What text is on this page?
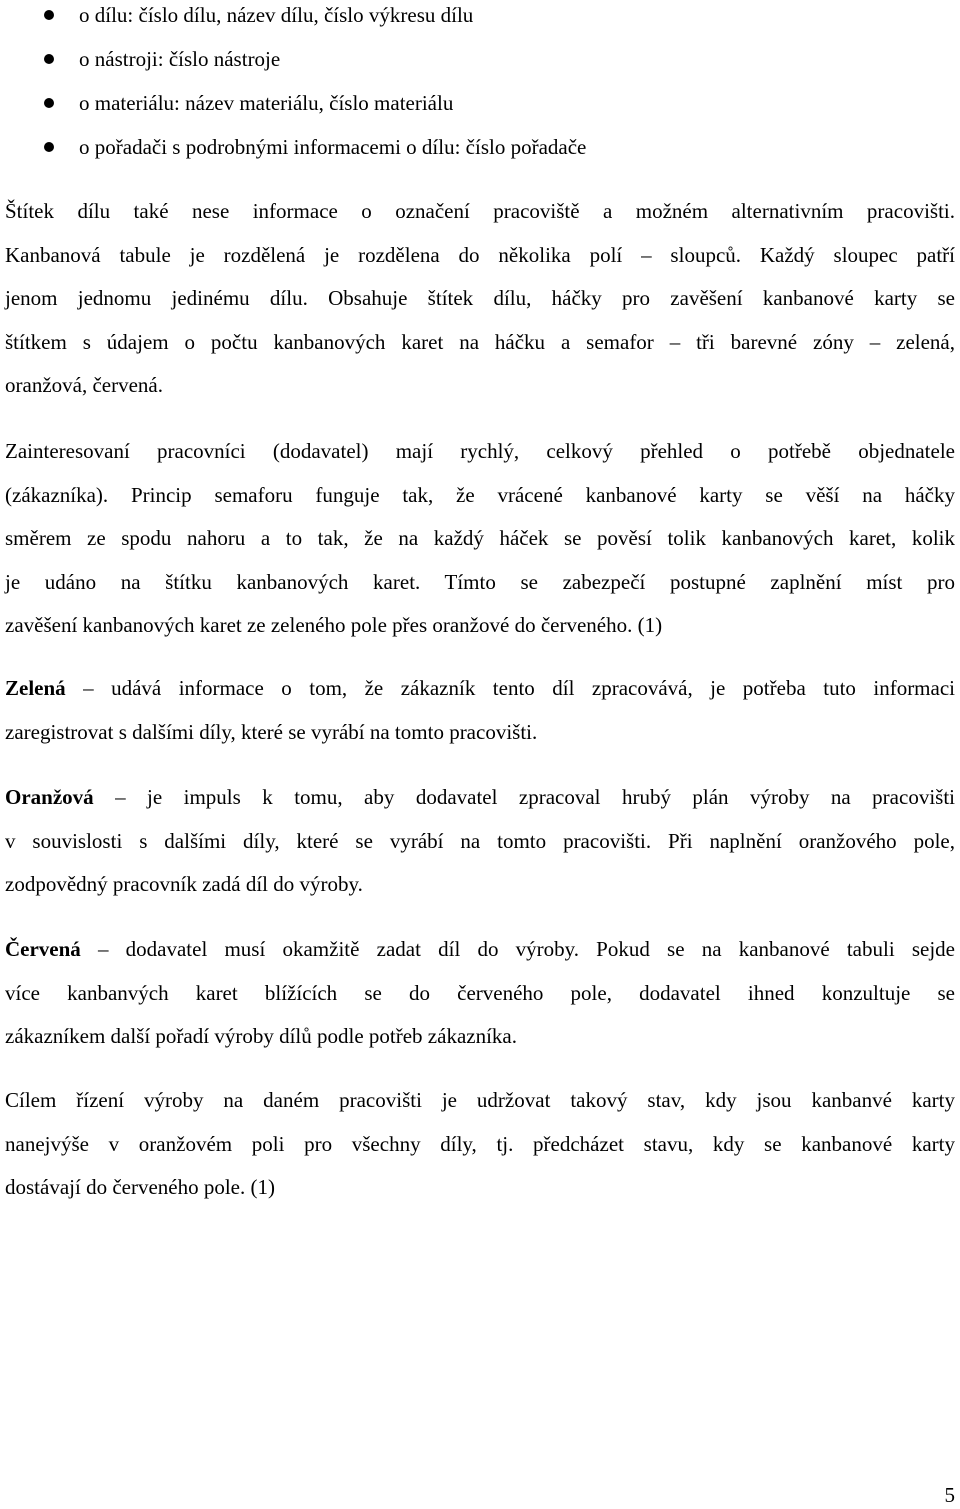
o dílu: číslo dílu, název dílu, číslo výkresu dílu
o nástroji: číslo nástroje
o materiálu: název materiálu, číslo materiálu
o pořadači s podrobnými informacemi o dílu: číslo pořadače
Štítek dílu také nese informace o označení pracoviště a možném alternativním pracovišti.
Kanbanová tabule je rozdělená je rozdělena do několika polí – sloupců. Každý sloupec patří
jenom jednomu jedinému dílu. Obsahuje štítek dílu, háčky pro zavěšení kanbanové karty se
štítkem s údajem o počtu kanbanových karet na háčku a semafor – tři barevné zóny – zelená,
oranžová, červená.
Zainteresovaní pracovníci (dodavatel) mají rychlý, celkový přehled o potřebě objednatele
(zákazníka). Princip semaforu funguje tak, že vrácené kanbanové karty se věší na háčky
směrem ze spodu nahoru a to tak, že na každý háček se pověsí tolik kanbanových karet, kolik
je udáno na štítku kanbanových karet. Tímto se zabezpečí postupné zaplnění míst pro
zavěšení kanbanových karet ze zeleného pole přes oranžové do červeného. (1)
Zelená – udává informace o tom, že zákazník tento díl zpracovává, je potřeba tuto informaci
zaregistrovat s dalšími díly, které se vyrábí na tomto pracovišti.
Oranžová – je impuls k tomu, aby dodavatel zpracoval hrubý plán výroby na pracovišti
v souvislosti s dalšími díly, které se vyrábí na tomto pracovišti. Při naplnění oranžového pole,
zodpovědný pracovník zadá díl do výroby.
Červená – dodavatel musí okamžitě zadat díl do výroby. Pokud se na kanbanové tabuli sejde
více kanbanvých karet blížících se do červeného pole, dodavatel ihned konzultuje se
zákazníkem další pořadí výroby dílů podle potřeb zákazníka.
Cílem řízení výroby na daném pracovišti je udržovat takový stav, kdy jsou kanbanvé karty
nanejvýše v oranžovém poli pro všechny díly, tj. předcházet stavu, kdy se kanbanové karty
dostávají do červeného pole. (1)
5
